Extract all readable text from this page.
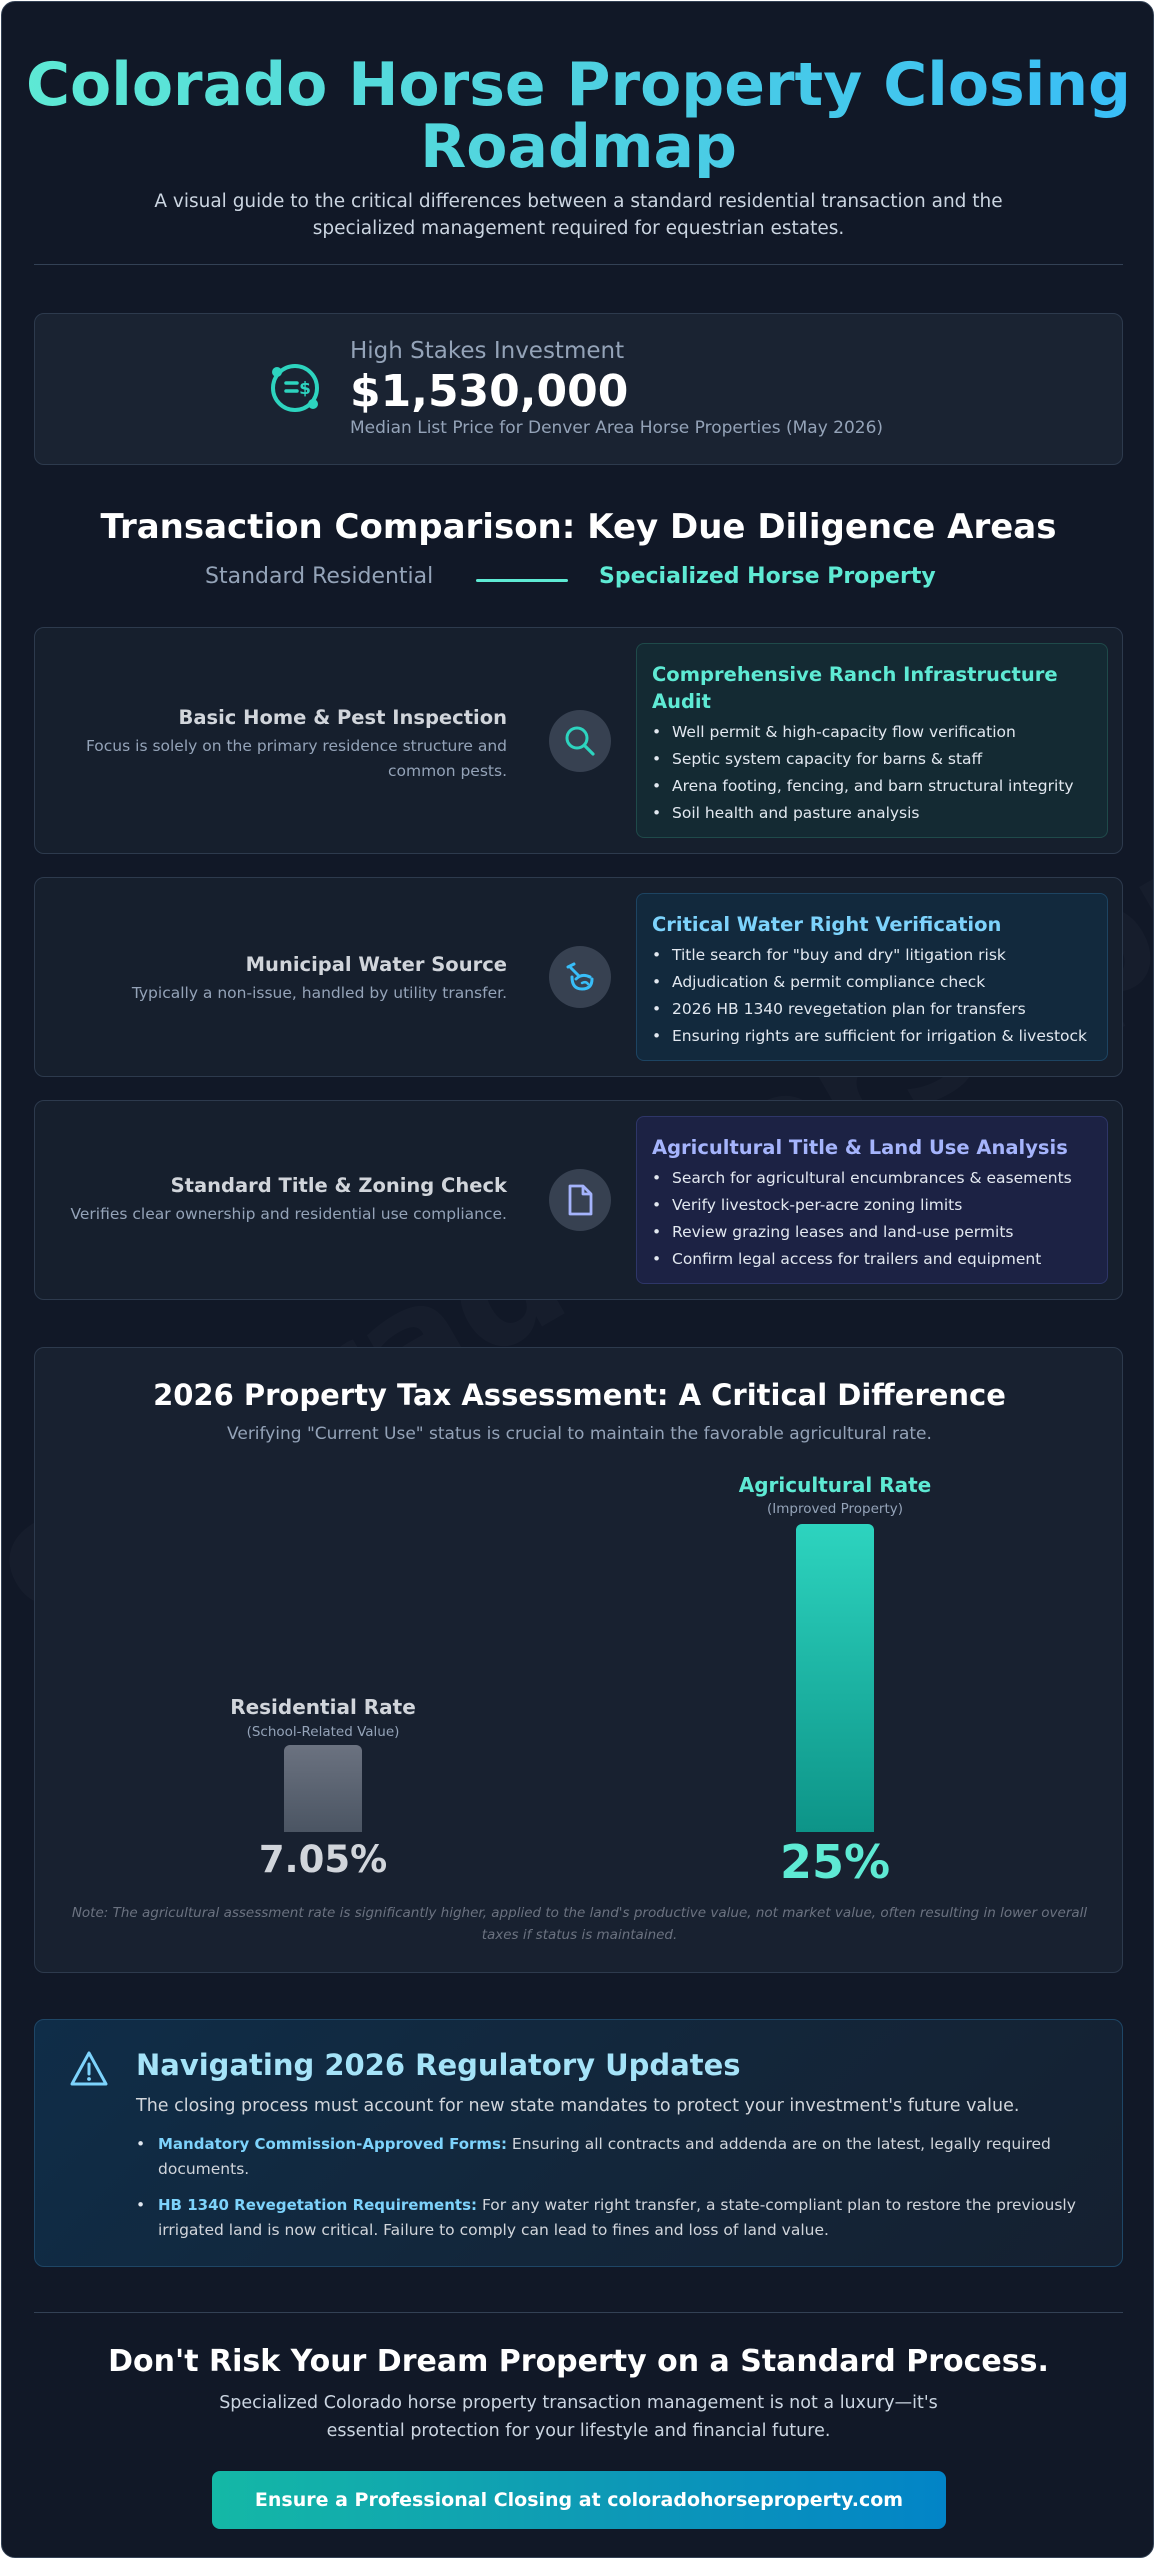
Colorado Horse Property Closing Roadmap

A visual guide to the critical differences between a standard residential transaction and the specialized management required for equestrian estates.

$
High Stakes Investment
$1,530,000
Median List Price for Denver Area Horse Properties (May 2026)
Transaction Comparison: Key Due Diligence Areas
Standard Residential	Specialized Horse Property
Basic Home & Pest Inspection
Focus is solely on the primary residence structure and common pests.
Comprehensive Ranch Infrastructure Audit
• Well permit & high-capacity flow verification
• Septic system capacity for barns & staff
• Arena footing, fencing, and barn structural integrity
• Soil health and pasture analysis
Municipal Water Source
Typically a non-issue, handled by utility transfer.
Critical Water Right Verification
• Title search for "buy and dry" litigation risk
• Adjudication & permit compliance check
• 2026 HB 1340 revegetation plan for transfers
• Ensuring rights are sufficient for irrigation & livestock
Standard Title & Zoning Check
Verifies clear ownership and residential use compliance.
Agricultural Title & Land Use Analysis
• Search for agricultural encumbrances & easements
• Verify livestock-per-acre zoning limits
• Review grazing leases and land-use permits
• Confirm legal access for trailers and equipment
2026 Property Tax Assessment: A Critical Difference
Verifying "Current Use" status is crucial to maintain the favorable agricultural rate.
Residential Rate
(School-Related Value)
7.05%
Agricultural Rate
(Improved Property)
25%
Note: The agricultural assessment rate is significantly higher, applied to the land's productive value, not market value, often resulting in lower overall taxes if status is maintained.
Navigating 2026 Regulatory Updates
The closing process must account for new state mandates to protect your investment's future value.
• Mandatory Commission-Approved Forms: Ensuring all contracts and addenda are on the latest, legally required documents.
• HB 1340 Revegetation Requirements: For any water right transfer, a state-compliant plan to restore the previously irrigated land is now critical. Failure to comply can lead to fines and loss of land value.
Don't Risk Your Dream Property on a Standard Process.

Specialized Colorado horse property transaction management is not a luxury—it's essential protection for your lifestyle and financial future.

Ensure a Professional Closing at coloradohorseproperty.com
